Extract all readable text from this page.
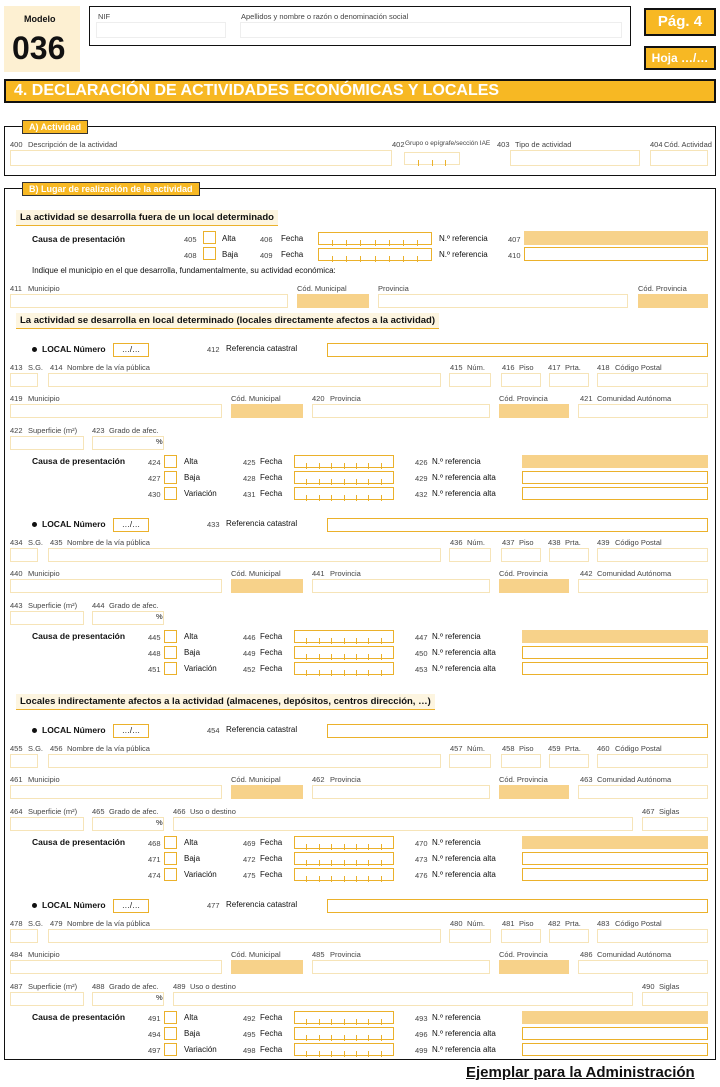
Modelo
036
NIF	Apellidos y nombre o razón o denominación social	Pág. 4
Hoja …/…
4. DECLARACIÓN DE ACTIVIDADES ECONÓMICAS Y LOCALES
A) Actividad
400 Descripción de la actividad	402 Grupo o epígrafe/sección IAE 403 Tipo de actividad	404 Cód. Actividad
B) Lugar de realización de la actividad
La actividad se desarrolla fuera de un local determinado
Causa de presentación	405	Alta	406 Fecha	N.º referencia	407
408	Baja	409 Fecha	N.º referencia	410
Indique el municipio en el que desarrolla, fundamentalmente, su actividad económica:
411 Municipio	Cód. Municipal	Provincia	Cód. Provincia
La actividad se desarrolla en local determinado (locales directamente afectos a la actividad)
Locales indirectamente afectos a la actividad (almacenes, depósitos, centros dirección, …)
LOCAL Número	…/…	412 Referencia catastral
413 S.G. 414 Nombre de la vía pública	415 Núm. 416 Piso 417 Prta. 418 Código Postal
419 Municipio	Cód. Municipal	420 Provincia	Cód. Provincia	421 Comunidad Autónoma
422 Superficie (m²) 423 Grado de afec.
%
Causa de presentación	424	Alta	425 Fecha	426 N.º referencia
427	Baja	428 Fecha	429 N.º referencia alta
430	Variación	431 Fecha	432 N.º referencia alta
LOCAL Número	…/…	433 Referencia catastral
434 S.G. 435 Nombre de la vía pública	436 Núm. 437 Piso 438 Prta. 439 Código Postal
440 Municipio	Cód. Municipal	441 Provincia	Cód. Provincia	442 Comunidad Autónoma
443 Superficie (m²) 444 Grado de afec.
%
Causa de presentación	445	Alta	446 Fecha	447 N.º referencia
448	Baja	449 Fecha	450 N.º referencia alta
451	Variación	452 Fecha	453 N.º referencia alta
LOCAL Número	…/…	454 Referencia catastral
455 S.G. 456 Nombre de la vía pública	457 Núm. 458 Piso 459 Prta. 460 Código Postal
461 Municipio	Cód. Municipal	462 Provincia	Cód. Provincia	463 Comunidad Autónoma
464 Superficie (m²) 465 Grado de afec.
%
466 Uso o destino	467 Siglas
Causa de presentación	468	Alta	469 Fecha	470 N.º referencia
471	Baja	472 Fecha	473 N.º referencia alta
474	Variación	475 Fecha	476 N.º referencia alta
LOCAL Número	…/…	477 Referencia catastral
478 S.G. 479 Nombre de la vía pública	480 Núm. 481 Piso 482 Prta. 483 Código Postal
484 Municipio	Cód. Municipal	485 Provincia	Cód. Provincia	486 Comunidad Autónoma
487 Superficie (m²) 488 Grado de afec.
%
489 Uso o destino	490 Siglas
Causa de presentación	491	Alta	492 Fecha	493 N.º referencia
494	Baja	495 Fecha	496 N.º referencia alta
497	Variación	498 Fecha	499 N.º referencia alta
Ejemplar para la Administración
